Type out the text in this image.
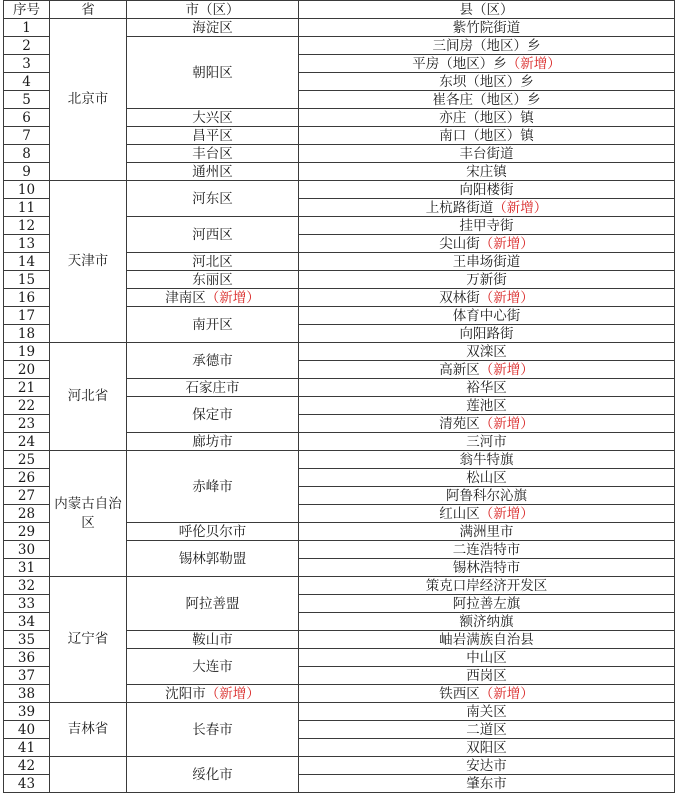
序号	省	市（区）	县（区）
1	北京市	海淀区	紫竹院街道
2		朝阳区	三间房（地区）乡
3			平房（地区）乡（新增）
4			东坝（地区）乡
5			崔各庄（地区）乡
6		大兴区	亦庄（地区）镇
7		昌平区	南口（地区）镇
8		丰台区	丰台街道
9		通州区	宋庄镇
10	天津市	河东区	向阳楼街
11			上杭路街道（新增）
12		河西区	挂甲寺街
13			尖山街（新增）
14		河北区	王串场街道
15		东丽区	万新街
16		津南区（新增）	双林街（新增）
17		南开区	体育中心街
18			向阳路街
19	河北省	承德市	双滦区
20			高新区（新增）
21		石家庄市	裕华区
22		保定市	莲池区
23			清苑区（新增）
24		廊坊市	三河市
25	内蒙古自治区	赤峰市	翁牛特旗
26			松山区
27			阿鲁科尔沁旗
28			红山区（新增）
29		呼伦贝尔市	满洲里市
30		锡林郭勒盟	二连浩特市
31			锡林浩特市
32	辽宁省	阿拉善盟	策克口岸经济开发区
33			阿拉善左旗
34			额济纳旗
35		鞍山市	岫岩满族自治县
36		大连市	中山区
37			西岗区
38		沈阳市（新增）	铁西区（新增）
39	吉林省	长春市	南关区
40			二道区
41			双阳区
42		绥化市	安达市
43			肇东市
